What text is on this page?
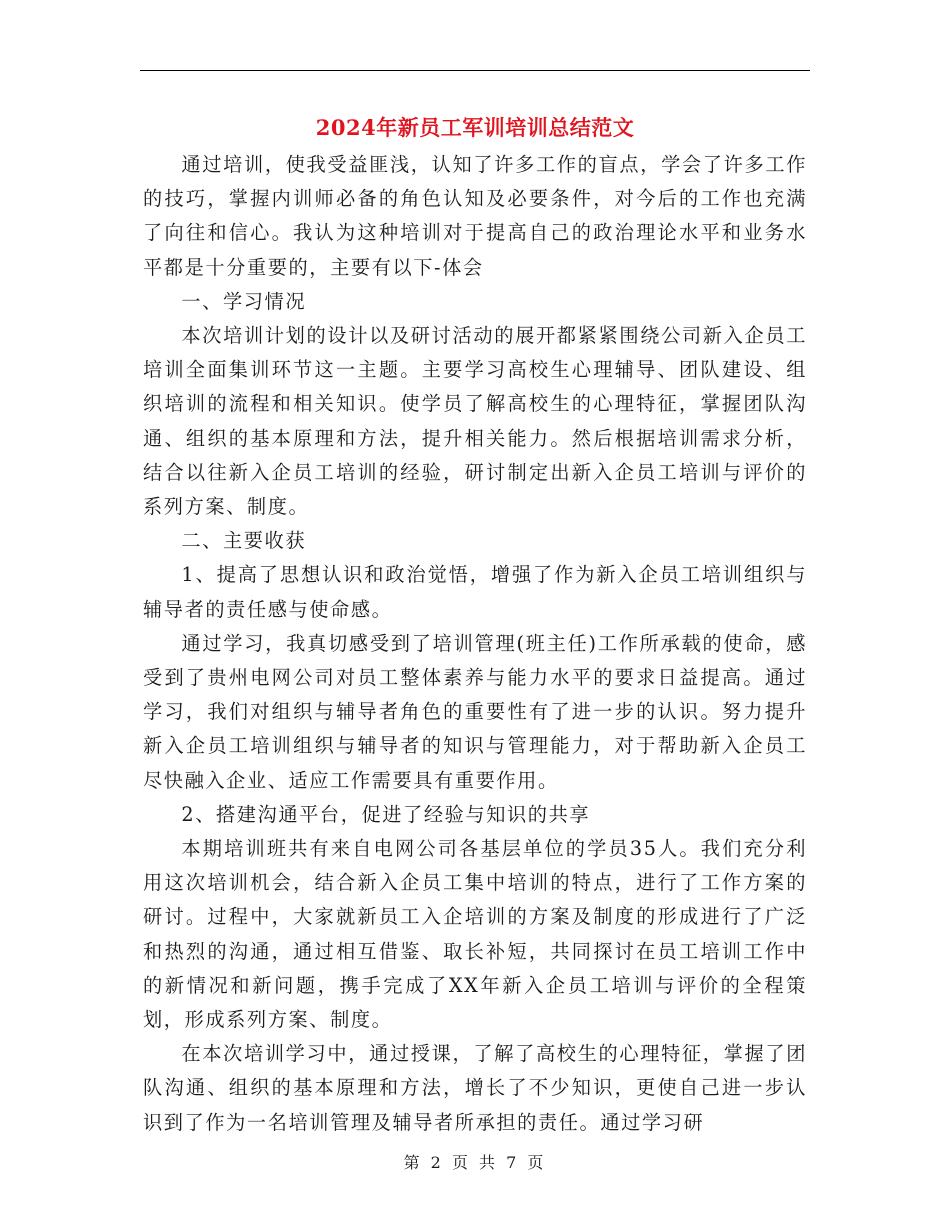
2024年新员工军训培训总结范文

通过培训，使我受益匪浅，认知了许多工作的盲点，学会了许多工作的技巧，掌握内训师必备的角色认知及必要条件，对今后的工作也充满了向往和信心。我认为这种培训对于提高自己的政治理论水平和业务水平都是十分重要的，主要有以下-体会

一、学习情况

本次培训计划的设计以及研讨活动的展开都紧紧围绕公司新入企员工培训全面集训环节这一主题。主要学习高校生心理辅导、团队建设、组织培训的流程和相关知识。使学员了解高校生的心理特征，掌握团队沟通、组织的基本原理和方法，提升相关能力。然后根据培训需求分析，结合以往新入企员工培训的经验，研讨制定出新入企员工培训与评价的系列方案、制度。

二、主要收获

1、提高了思想认识和政治觉悟，增强了作为新入企员工培训组织与辅导者的责任感与使命感。

通过学习，我真切感受到了培训管理(班主任)工作所承载的使命，感受到了贵州电网公司对员工整体素养与能力水平的要求日益提高。通过学习，我们对组织与辅导者角色的重要性有了进一步的认识。努力提升新入企员工培训组织与辅导者的知识与管理能力，对于帮助新入企员工尽快融入企业、适应工作需要具有重要作用。

2、搭建沟通平台，促进了经验与知识的共享

本期培训班共有来自电网公司各基层单位的学员35人。我们充分利用这次培训机会，结合新入企员工集中培训的特点，进行了工作方案的研讨。过程中，大家就新员工入企培训的方案及制度的形成进行了广泛和热烈的沟通，通过相互借鉴、取长补短，共同探讨在员工培训工作中的新情况和新问题，携手完成了XX年新入企员工培训与评价的全程策划，形成系列方案、制度。

在本次培训学习中，通过授课，了解了高校生的心理特征，掌握了团队沟通、组织的基本原理和方法，增长了不少知识，更使自己进一步认识到了作为一名培训管理及辅导者所承担的责任。通过学习研

第 2 页 共 7 页
